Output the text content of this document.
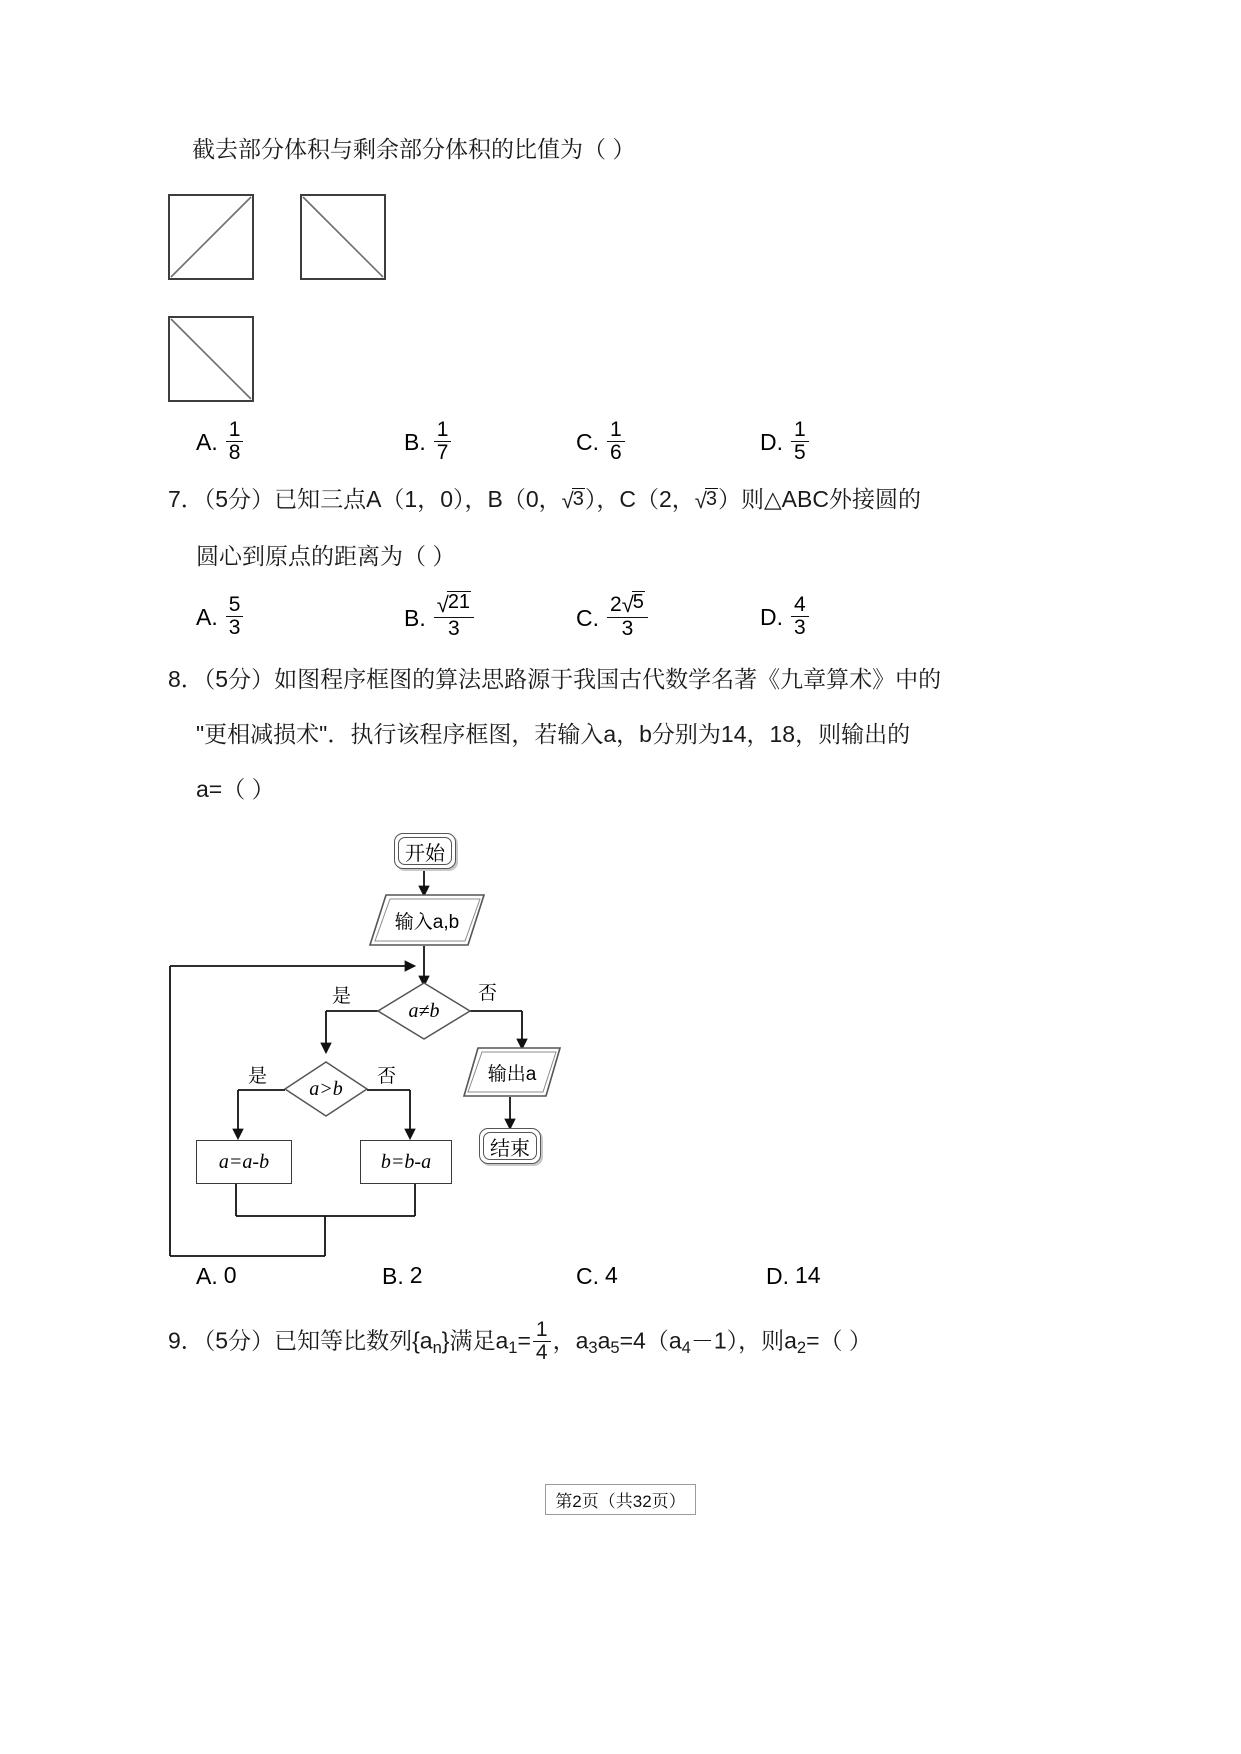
截去部分体积与剩余部分体积的比值为（ ）
A. $\frac{1}{8}$	B. $\frac{1}{7}$	C. $\frac{1}{6}$	D. $\frac{1}{5}$
7．（5分）已知三点A（1，0），B（0，√3），C（2，√3）则△ABC外接圆的
圆心到原点的距离为（ ）
A. $\frac{5}{3}$	B. $\frac{√21}{3}$	C. $\frac{2√5}{3}$	D. $\frac{4}{3}$
8．（5分）如图程序框图的算法思路源于我国古代数学名著《九章算术》中的
"更相减损术"．执行该程序框图，若输入a，b分别为14，18，则输出的
a=（ ）
开始
输入a,b
a≠b
是	否
a>b
是	否
a=a-b	b=b-a
输出a
结束
A. 0	B. 2	C. 4	D. 14
9．（5分）已知等比数列$\{a_n\}$满足$a_1= \frac{1}{4}$ ，$a_3a_5=4(a_4-1)$，则$a_2=$（ ）
第2页（共32页）
